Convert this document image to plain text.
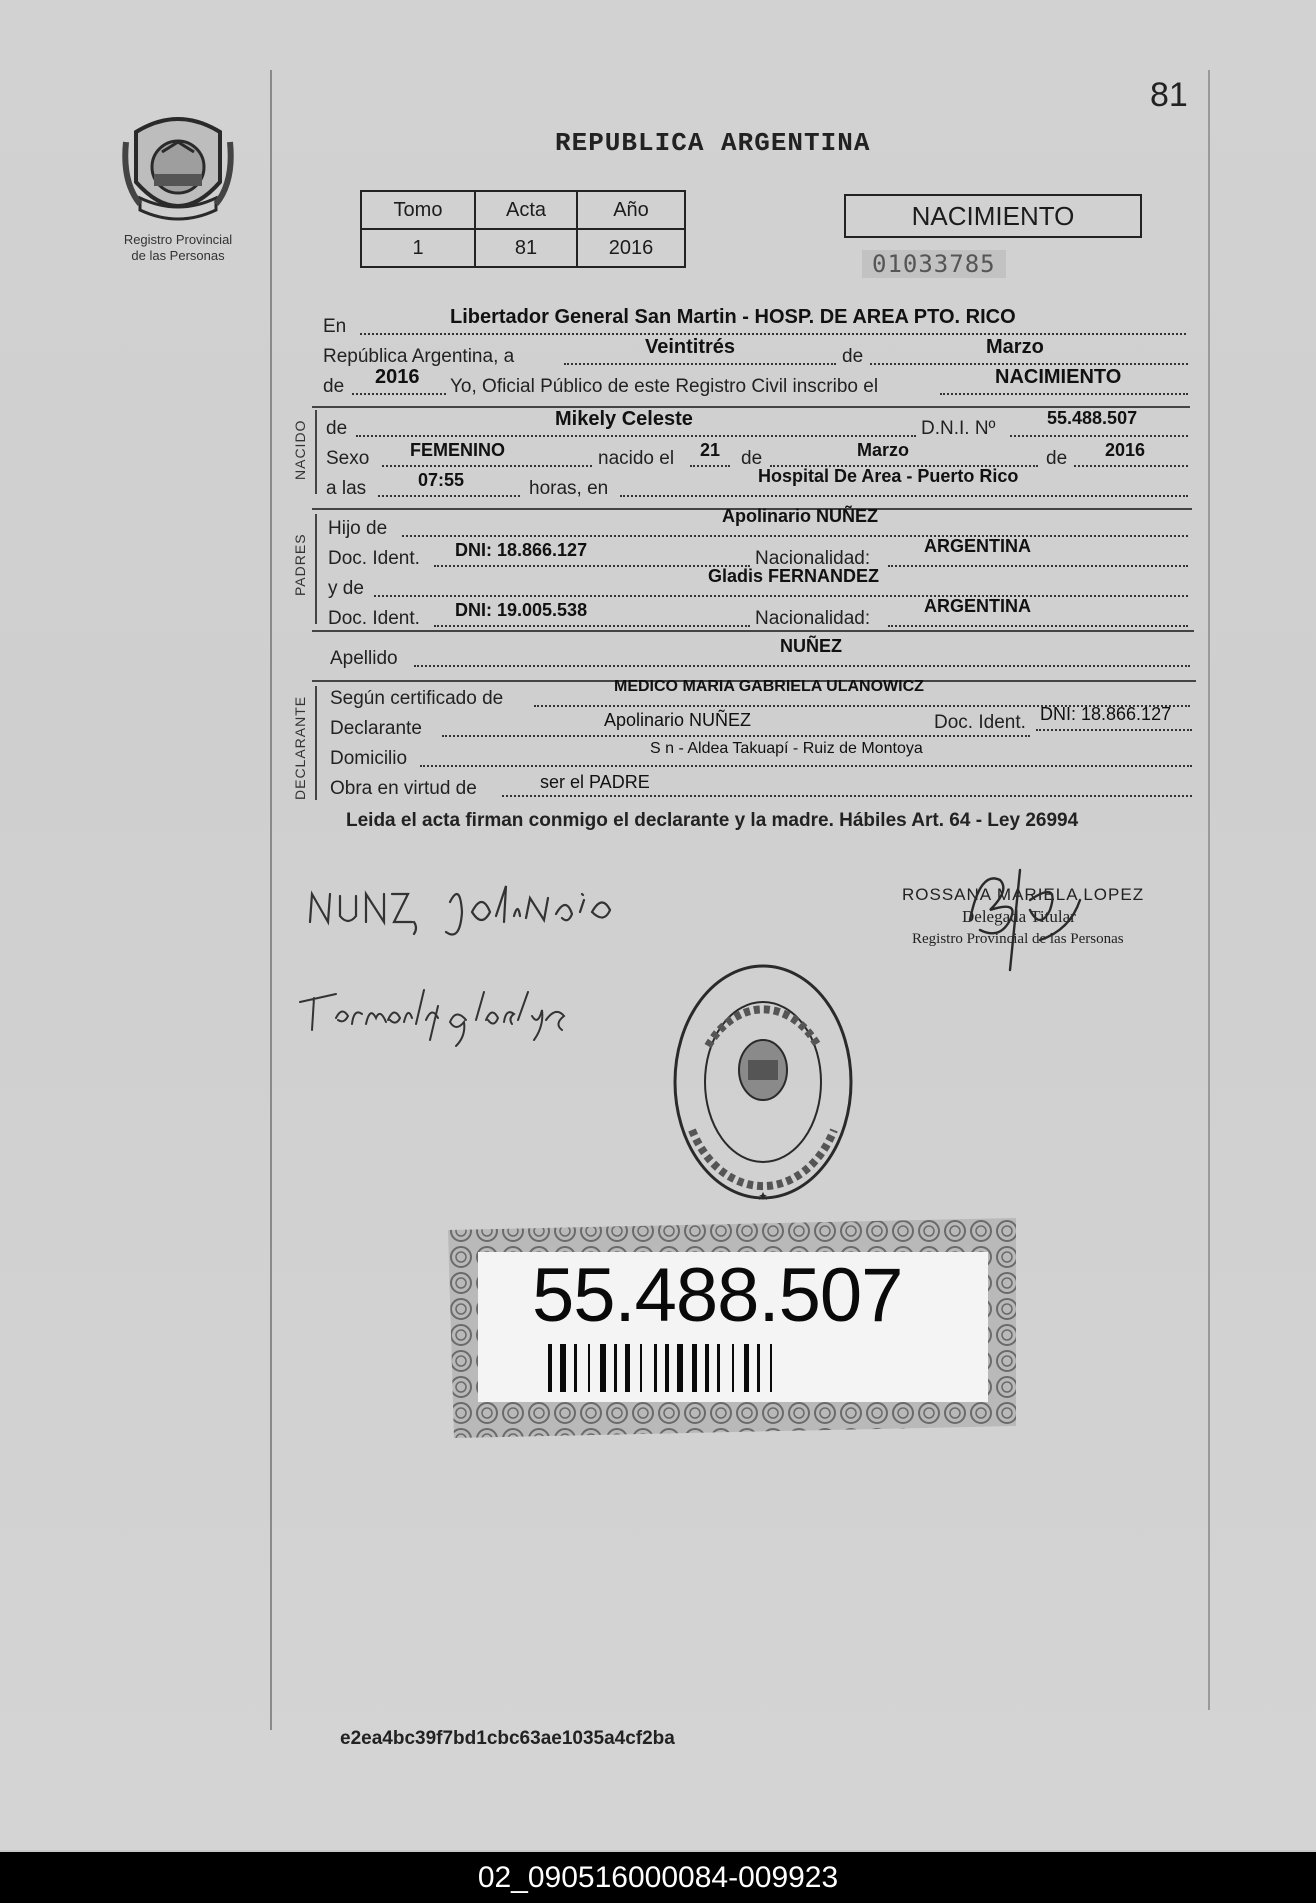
Registro Provincial de las Personas
81
REPUBLICA ARGENTINA
Tomo	Acta	Año
1	81	2016
NACIMIENTO
01033785
En	Libertador General San Martin - HOSP. DE AREA PTO. RICO
República Argentina, a	Veintitrés	de	Marzo
de 2016 Yo, Oficial Público de este Registro Civil inscribo el	NACIMIENTO
NACIDO de	Mikely Celeste	D.N.I. Nº	55.488.507
Sexo FEMENINO	nacido el 21 de	Marzo	de 2016
a las	07:55	horas, en
Hospital De Area - Puerto Rico
PADRES
Hijo de
Apolinario NUÑEZ
Doc. Ident. DNI: 18.866.127	Nacionalidad:
ARGENTINA
y de
Gladis FERNANDEZ
Doc. Ident. DNI: 19.005.538	Nacionalidad:
ARGENTINA
Apellido
NUÑEZ
DECLARANTE Según certificado de
MEDICO MARIA GABRIELA ULANOWICZ
Declarante	Apolinario NUÑEZ	Doc. Ident. DNI: 18.866.127
Domicilio	S n - Aldea Takuapí - Ruiz de Montoya
Obra en virtud de	ser el PADRE
Leida el acta firman conmigo el declarante y la madre. Hábiles Art. 64 - Ley 26994
ROSSANA MARIELA LOPEZ
Delegada Titular
Registro Provincial de las Personas
55.488.507
e2ea4bc39f7bd1cbc63ae1035a4cf2ba
02_090516000084-009923
